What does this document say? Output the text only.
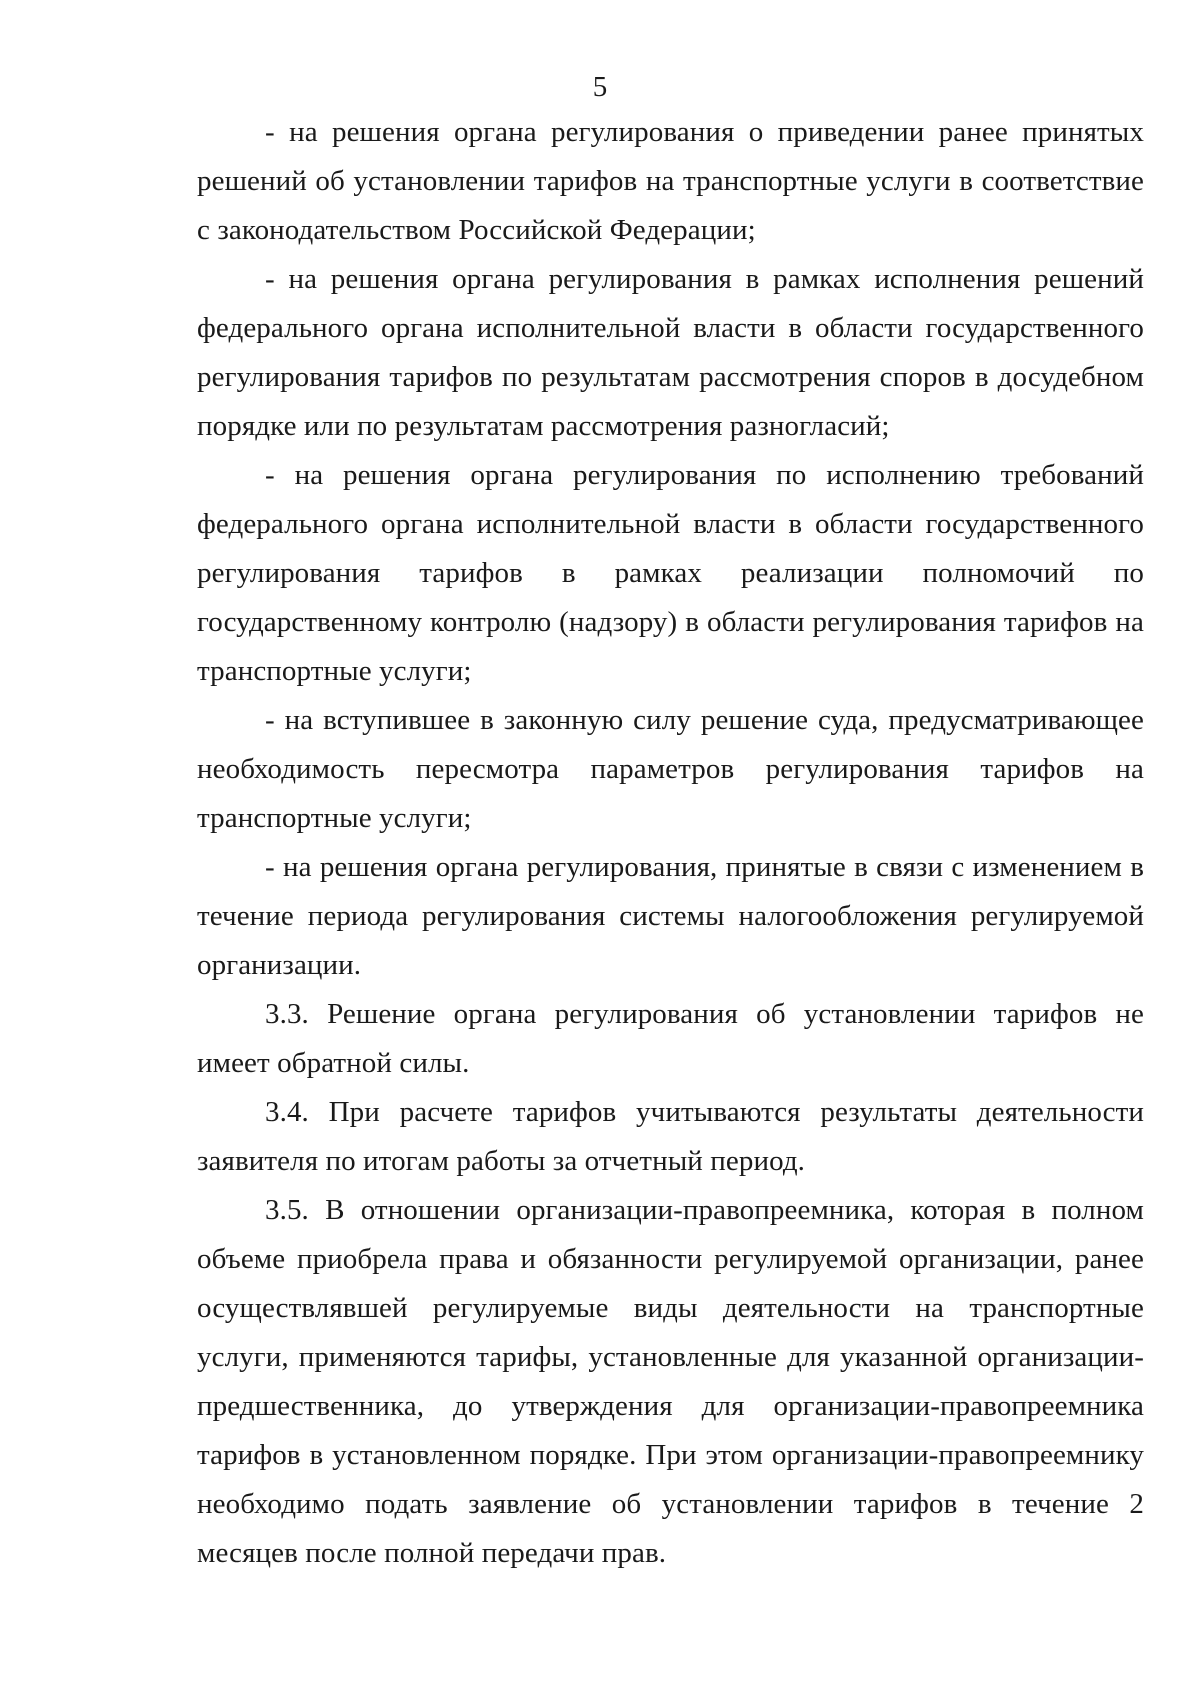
5

- на решения органа регулирования о приведении ранее принятых решений об установлении тарифов на транспортные услуги в соответствие с законодательством Российской Федерации;

- на решения органа регулирования в рамках исполнения решений федерального органа исполнительной власти в области государственного регулирования тарифов по результатам рассмотрения споров в досудебном порядке или по результатам рассмотрения разногласий;

- на решения органа регулирования по исполнению требований федерального органа исполнительной власти в области государственного регулирования тарифов в рамках реализации полномочий по государственному контролю (надзору) в области регулирования тарифов на транспортные услуги;

- на вступившее в законную силу решение суда, предусматривающее необходимость пересмотра параметров регулирования тарифов на транспортные услуги;

- на решения органа регулирования, принятые в связи с изменением в течение периода регулирования системы налогообложения регулируемой организации.

3.3. Решение органа регулирования об установлении тарифов не имеет обратной силы.

3.4. При расчете тарифов учитываются результаты деятельности заявителя по итогам работы за отчетный период.

3.5. В отношении организации-правопреемника, которая в полном объеме приобрела права и обязанности регулируемой организации, ранее осуществлявшей регулируемые виды деятельности на транспортные услуги, применяются тарифы, установленные для указанной организации-предшественника, до утверждения для организации-правопреемника тарифов в установленном порядке. При этом организации-правопреемнику необходимо подать заявление об установлении тарифов в течение 2 месяцев после полной передачи прав.
